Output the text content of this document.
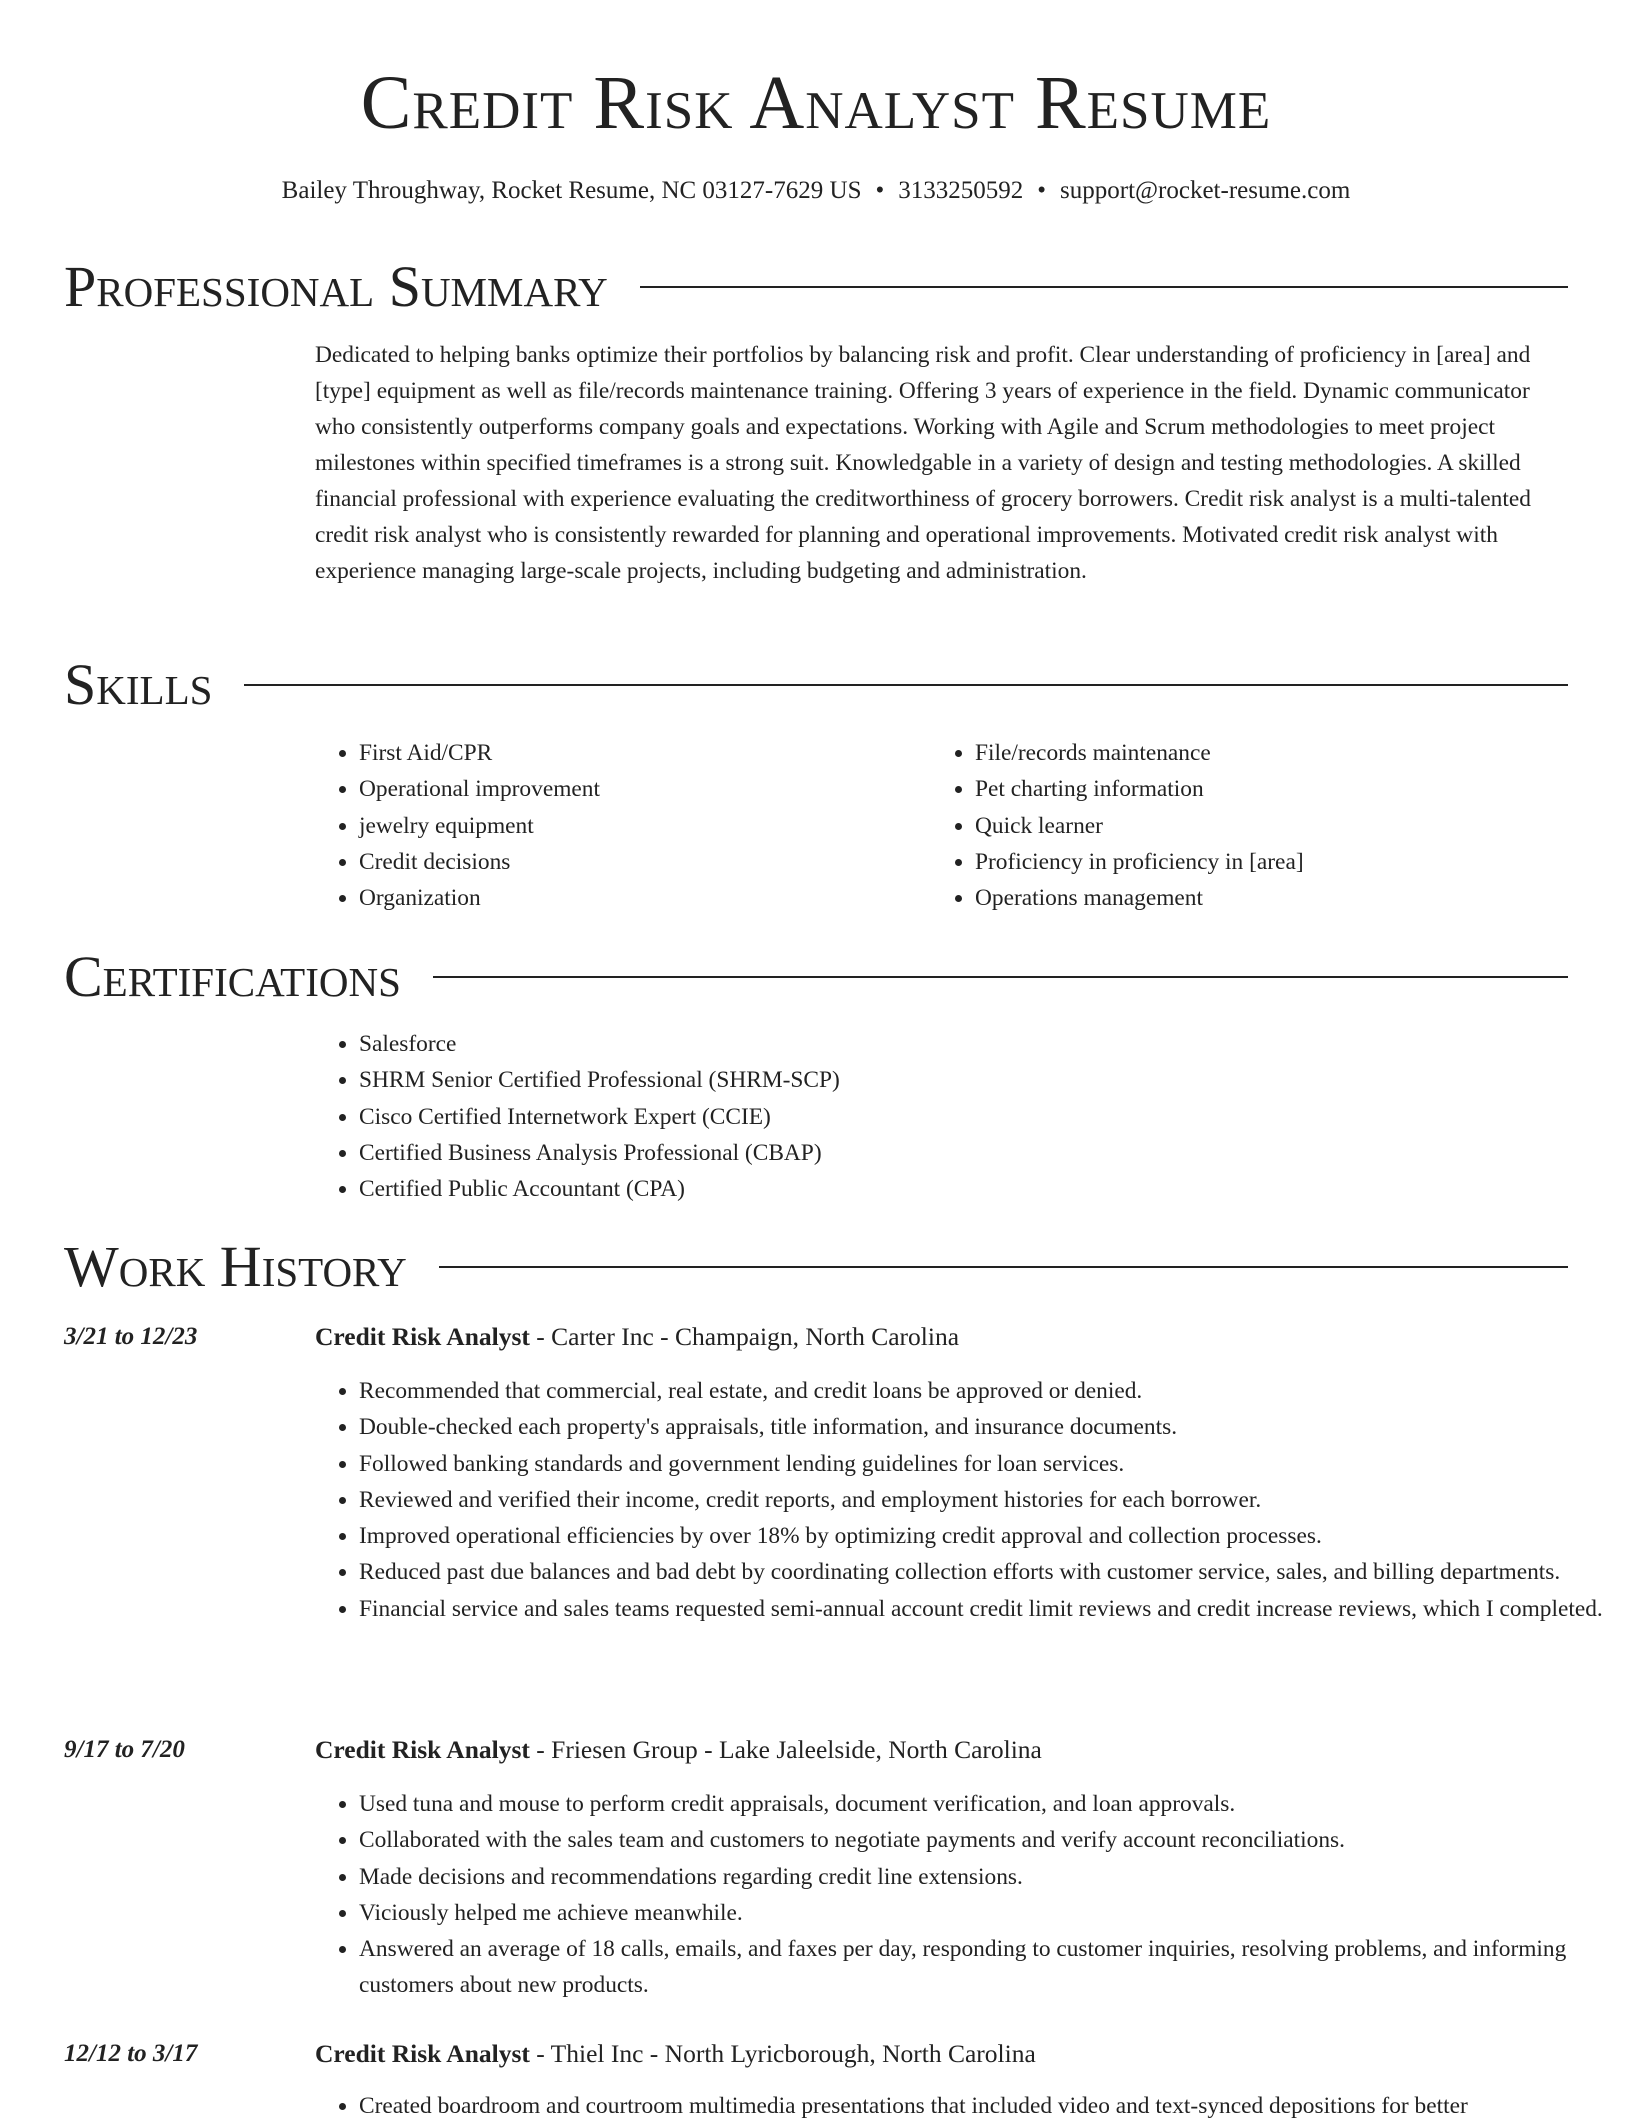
Credit Risk Analyst Resume
Bailey Throughway, Rocket Resume, NC 03127-7629 US • 3133250592 • support@rocket-resume.com
Professional Summary

Dedicated to helping banks optimize their portfolios by balancing risk and profit. Clear understanding of proficiency in [area] and [type] equipment as well as file/records maintenance training. Offering 3 years of experience in the field. Dynamic communicator who consistently outperforms company goals and expectations. Working with Agile and Scrum methodologies to meet project milestones within specified timeframes is a strong suit. Knowledgable in a variety of design and testing methodologies. A skilled financial professional with experience evaluating the creditworthiness of grocery borrowers. Credit risk analyst is a multi-talented credit risk analyst who is consistently rewarded for planning and operational improvements. Motivated credit risk analyst with experience managing large-scale projects, including budgeting and administration.

Skills
• First Aid/CPR
• Operational improvement
• jewelry equipment
• Credit decisions
• Organization
• File/records maintenance
• Pet charting information
• Quick learner
• Proficiency in proficiency in [area]
• Operations management
Certifications
• Salesforce
• SHRM Senior Certified Professional (SHRM-SCP)
• Cisco Certified Internetwork Expert (CCIE)
• Certified Business Analysis Professional (CBAP)
• Certified Public Accountant (CPA)
Work History
3/21 to 12/23	Credit Risk Analyst - Carter Inc - Champaign, North Carolina
• Recommended that commercial, real estate, and credit loans be approved or denied.
• Double-checked each property's appraisals, title information, and insurance documents.
• Followed banking standards and government lending guidelines for loan services.
• Reviewed and verified their income, credit reports, and employment histories for each borrower.
• Improved operational efficiencies by over 18% by optimizing credit approval and collection processes.
• Reduced past due balances and bad debt by coordinating collection efforts with customer service, sales, and billing departments.
• Financial service and sales teams requested semi-annual account credit limit reviews and credit increase reviews, which I completed.
9/17 to 7/20	Credit Risk Analyst - Friesen Group - Lake Jaleelside, North Carolina
• Used tuna and mouse to perform credit appraisals, document verification, and loan approvals.
• Collaborated with the sales team and customers to negotiate payments and verify account reconciliations.
• Made decisions and recommendations regarding credit line extensions.
• Viciously helped me achieve meanwhile.
• Answered an average of 18 calls, emails, and faxes per day, responding to customer inquiries, resolving problems, and informing customers about new products.
12/12 to 3/17	Credit Risk Analyst - Thiel Inc - North Lyricborough, North Carolina
• Created boardroom and courtroom multimedia presentations that included video and text-synced depositions for better
